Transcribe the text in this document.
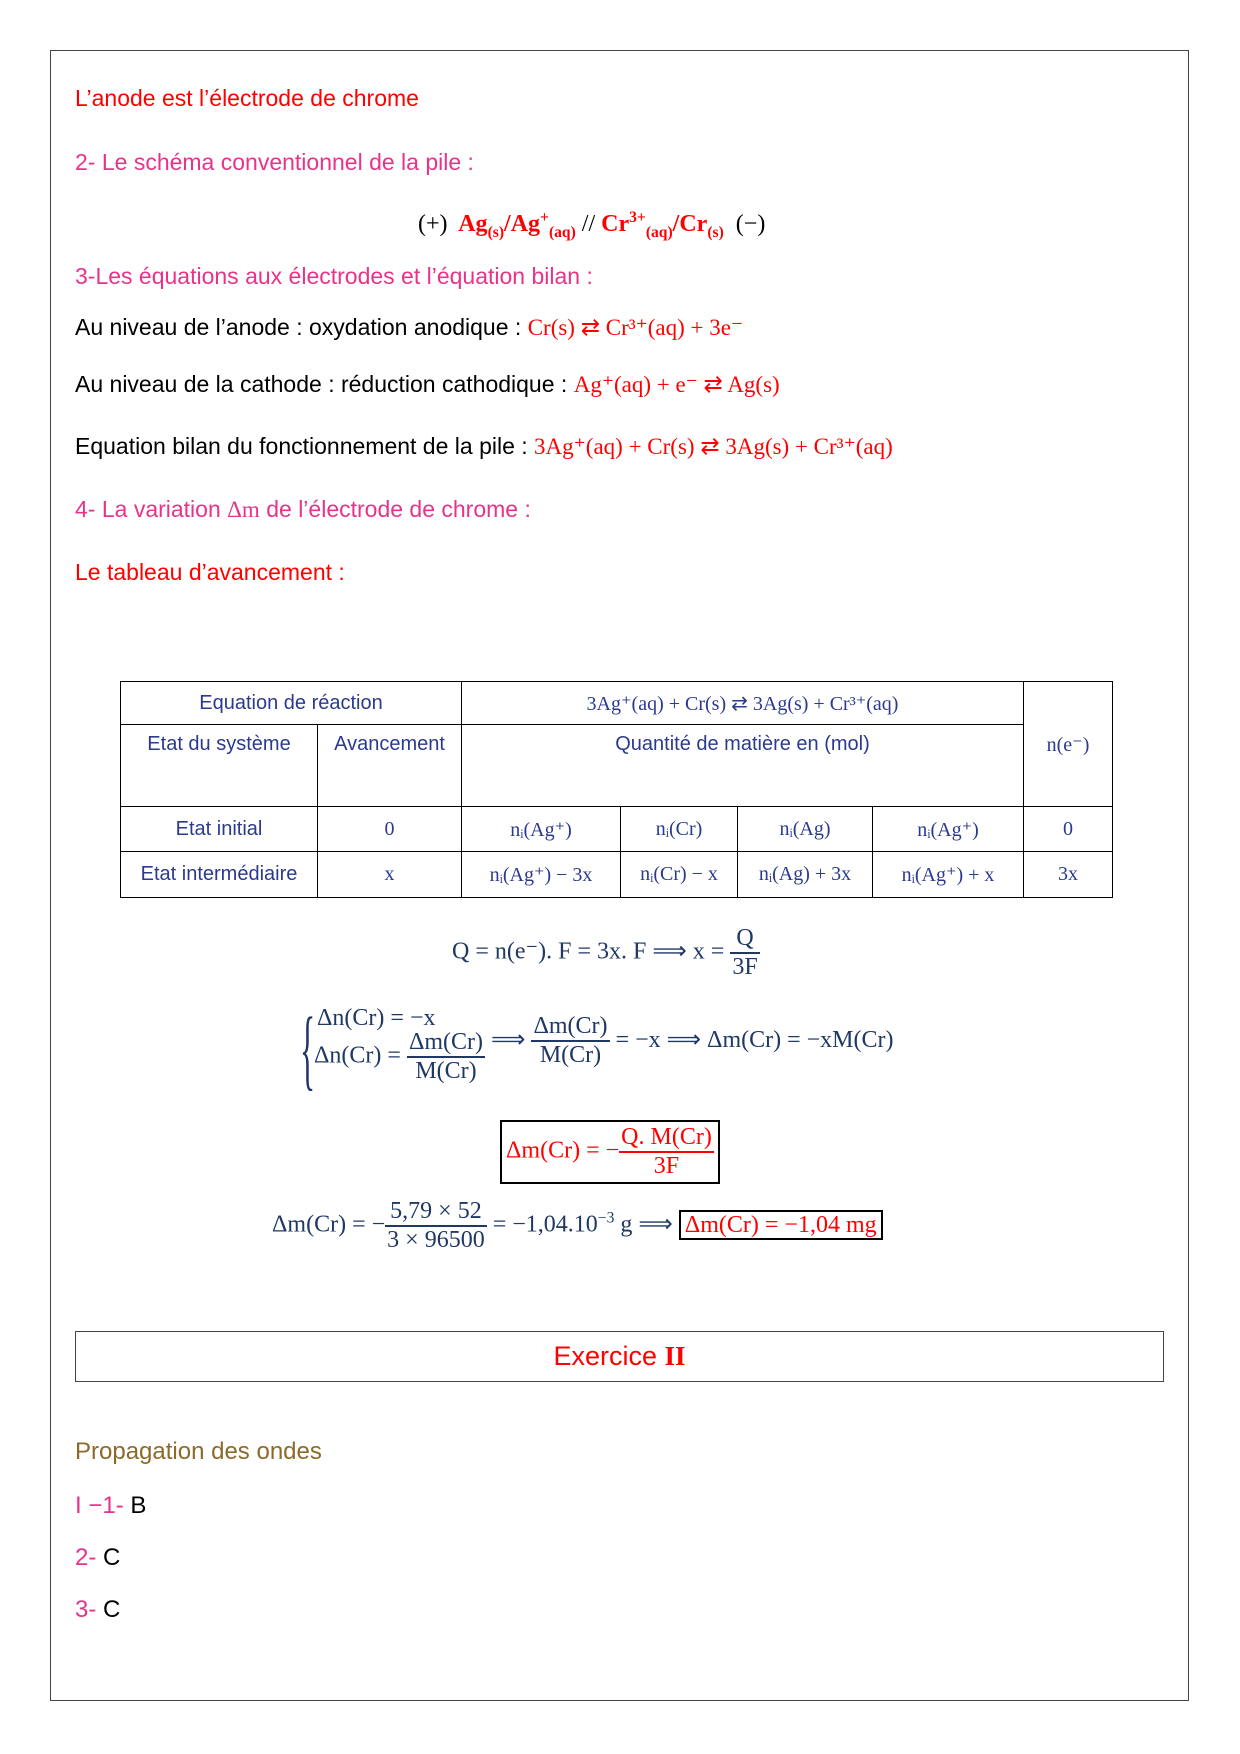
L’anode est l’électrode de chrome
2- Le schéma conventionnel de la pile :
(+) $Ag_{(s)}/Ag^+_{(aq)} // Cr^{3+}_{(aq)}/Cr_{(s)}$ (−)
3-Les équations aux électrodes et l’équation bilan :
Au niveau de l’anode : oxydation anodique : Cr(s) ⇄ Cr³⁺(aq) + 3e⁻
Au niveau de la cathode : réduction cathodique : Ag⁺(aq) + e⁻ ⇄ Ag(s)
Equation bilan du fonctionnement de la pile : 3Ag⁺(aq) + Cr(s) ⇄ 3Ag(s) + Cr³⁺(aq)
4- La variation Δm de l’électrode de chrome :
Le tableau d’avancement :
Equation de réaction		3Ag⁺(aq) + Cr(s) ⇄ 3Ag(s) + Cr³⁺(aq)				n(e⁻)
Etat du système	Avancement	Quantité de matière en (mol)				
Etat initial	0	nᵢ(Ag⁺)	nᵢ(Cr)	nᵢ(Ag)	nᵢ(Ag⁺)	0
Etat intermédiaire	x	nᵢ(Ag⁺) − 3x	nᵢ(Cr) − x	nᵢ(Ag) + 3x	nᵢ(Ag⁺) + x	3x
Q = n(e⁻). F = 3x. F ⟹ $x = \frac{Q}{3F}$
{ Δn(Cr) = −x
$\Delta n(Cr) = \frac{\Delta m(Cr)}{M(Cr)}$ ⟹ $\frac{\Delta m(Cr)}{M(Cr)} = -x$ ⟹ Δm(Cr) = −xM(Cr)
Δm(Cr) = − $\frac{Q. M(Cr)}{3F}$
Δm(Cr) = − $\frac{5,79 \times 52}{3 \times 96500} = -1,04.10^{-3}$ g ⟹ Δm(Cr) = −1,04 mg
Exercice II
Propagation des ondes
I −1- B
2- C
3- C
